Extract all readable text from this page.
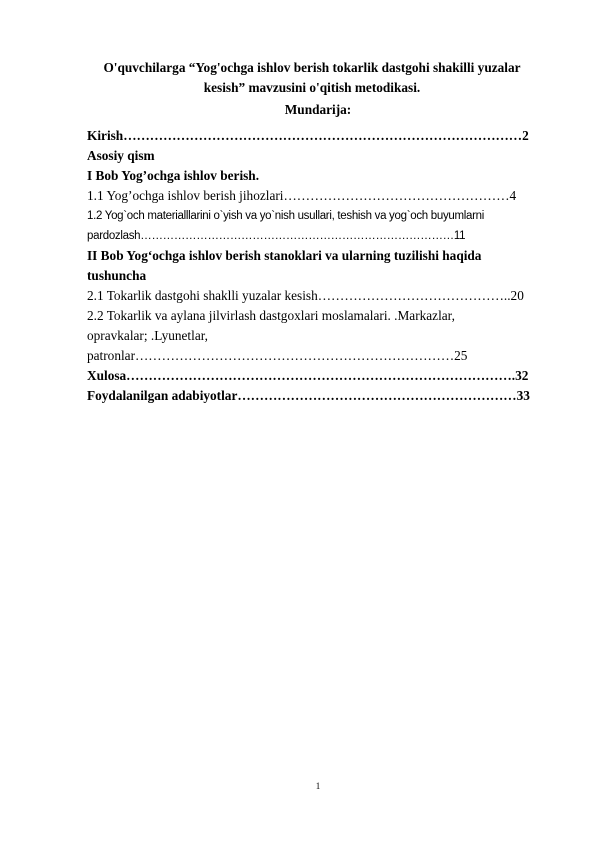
O'quvchilarga “Yog'ochga ishlov berish tokarlik dastgohi shakilli yuzalar
kesish” mavzusini o'qitish metodikasi.
Mundarija:
Kirish………………………………………………………………………………2
Asosiy qism
I Bob Yog’ochga ishlov berish.
1.1 Yog’ochga ishlov berish jihozlari……………………………………………4
1.2 Yog`och materialllarini o`yish va yo`nish usullari, teshish va yog`och buyumlarni
pardozlash…………………………………………………………………………11
II Bob Yog‘ochga ishlov berish stanoklari va ularning tuzilishi haqida
tushuncha
2.1 Tokarlik dastgohi shaklli yuzalar kesish……………………………………..20
2.2 Tokarlik va aylana jilvirlash dastgoxlari moslamalari. .Markazlar,
opravkalar; .Lyunetlar,
patronlar………………………………………………………………25
Xulosa…………………………………………………………………………….32
Foydalanilgan adabiyotlar………………………………………………………33
1
